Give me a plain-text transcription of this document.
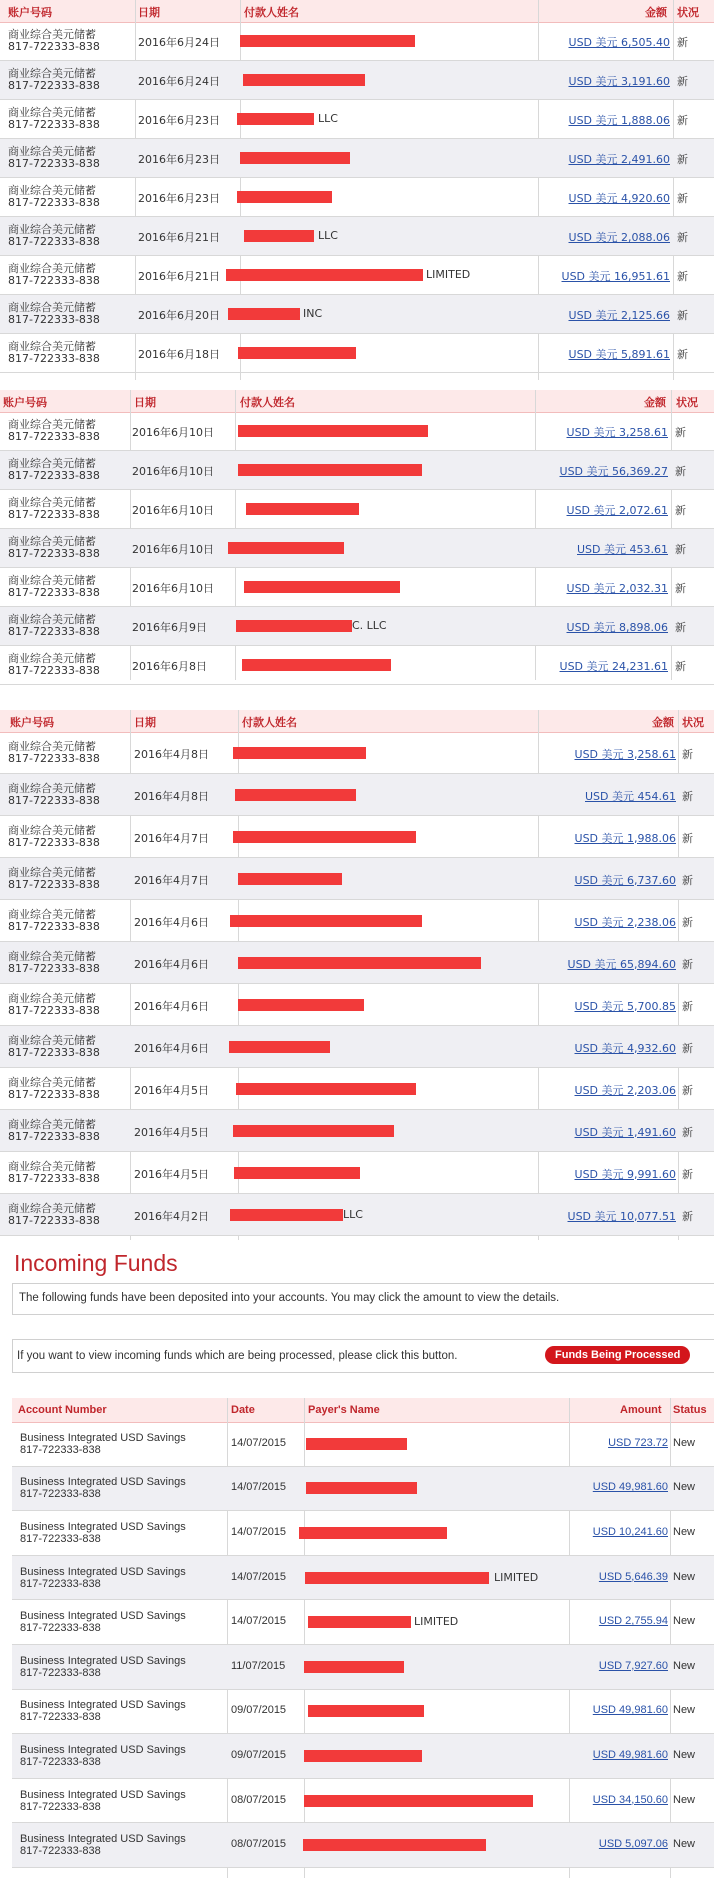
账户号码	日期	付款人姓名	金额 状况
商业综合美元储蓄
817-722333-838	2016年6月24日	USD 美元 6,505.40 新
商业综合美元储蓄
817-722333-838	2016年6月24日	USD 美元 3,191.60 新
商业综合美元储蓄
817-722333-838	2016年6月23日	LLC	USD 美元 1,888.06 新
商业综合美元储蓄
817-722333-838	2016年6月23日	USD 美元 2,491.60 新
商业综合美元储蓄
817-722333-838	2016年6月23日	USD 美元 4,920.60 新
商业综合美元储蓄
817-722333-838	2016年6月21日	LLC	USD 美元 2,088.06 新
商业综合美元储蓄
817-722333-838	2016年6月21日	LIMITED	USD 美元 16,951.61 新
商业综合美元储蓄
817-722333-838	2016年6月20日	INC	USD 美元 2,125.66 新
商业综合美元储蓄
817-722333-838	2016年6月18日	USD 美元 5,891.61 新
账户号码	日期	付款人姓名	金额 状况
商业综合美元储蓄
817-722333-838	2016年6月10日	USD 美元 3,258.61 新
商业综合美元储蓄
817-722333-838	2016年6月10日	USD 美元 56,369.27 新
商业综合美元储蓄
817-722333-838	2016年6月10日	USD 美元 2,072.61 新
商业综合美元储蓄
817-722333-838	2016年6月10日	USD 美元 453.61 新
商业综合美元储蓄
817-722333-838	2016年6月10日	USD 美元 2,032.31 新
商业综合美元储蓄
817-722333-838	2016年6月9日	C. LLC	USD 美元 8,898.06 新
商业综合美元储蓄
817-722333-838	2016年6月8日	USD 美元 24,231.61 新
账户号码	日期	付款人姓名	金额 状况
商业综合美元储蓄
817-722333-838	2016年4月8日	USD 美元 3,258.61 新
商业综合美元储蓄
817-722333-838	2016年4月8日	USD 美元 454.61 新
商业综合美元储蓄
817-722333-838	2016年4月7日	USD 美元 1,988.06 新
商业综合美元储蓄
817-722333-838	2016年4月7日	USD 美元 6,737.60 新
商业综合美元储蓄
817-722333-838	2016年4月6日	USD 美元 2,238.06 新
商业综合美元储蓄
817-722333-838	2016年4月6日	USD 美元 65,894.60 新
商业综合美元储蓄
817-722333-838	2016年4月6日	USD 美元 5,700.85 新
商业综合美元储蓄
817-722333-838	2016年4月6日	USD 美元 4,932.60 新
商业综合美元储蓄
817-722333-838	2016年4月5日	USD 美元 2,203.06 新
商业综合美元储蓄
817-722333-838	2016年4月5日	USD 美元 1,491.60 新
商业综合美元储蓄
817-722333-838	2016年4月5日	USD 美元 9,991.60 新
商业综合美元储蓄
817-722333-838	2016年4月2日	LLC	USD 美元 10,077.51 新
Incoming Funds
The following funds have been deposited into your accounts. You may click the amount to view the details.
If you want to view incoming funds which are being processed, please click this button.	Funds Being Processed
Account Number	Date	Payer's Name	Amount Status
Business Integrated USD Savings
817-722333-838
14/07/2015	USD 723.72 New
Business Integrated USD Savings
817-722333-838
14/07/2015	USD 49,981.60 New
Business Integrated USD Savings
817-722333-838
14/07/2015	USD 10,241.60 New
Business Integrated USD Savings
817-722333-838
14/07/2015	LIMITED	USD 5,646.39 New
Business Integrated USD Savings
817-722333-838
14/07/2015	LIMITED	USD 2,755.94 New
Business Integrated USD Savings
817-722333-838
11/07/2015	USD 7,927.60 New
Business Integrated USD Savings
817-722333-838
09/07/2015	USD 49,981.60 New
Business Integrated USD Savings
817-722333-838
09/07/2015	USD 49,981.60 New
Business Integrated USD Savings
817-722333-838
08/07/2015	USD 34,150.60 New
Business Integrated USD Savings
817-722333-838
08/07/2015	USD 5,097.06 New
